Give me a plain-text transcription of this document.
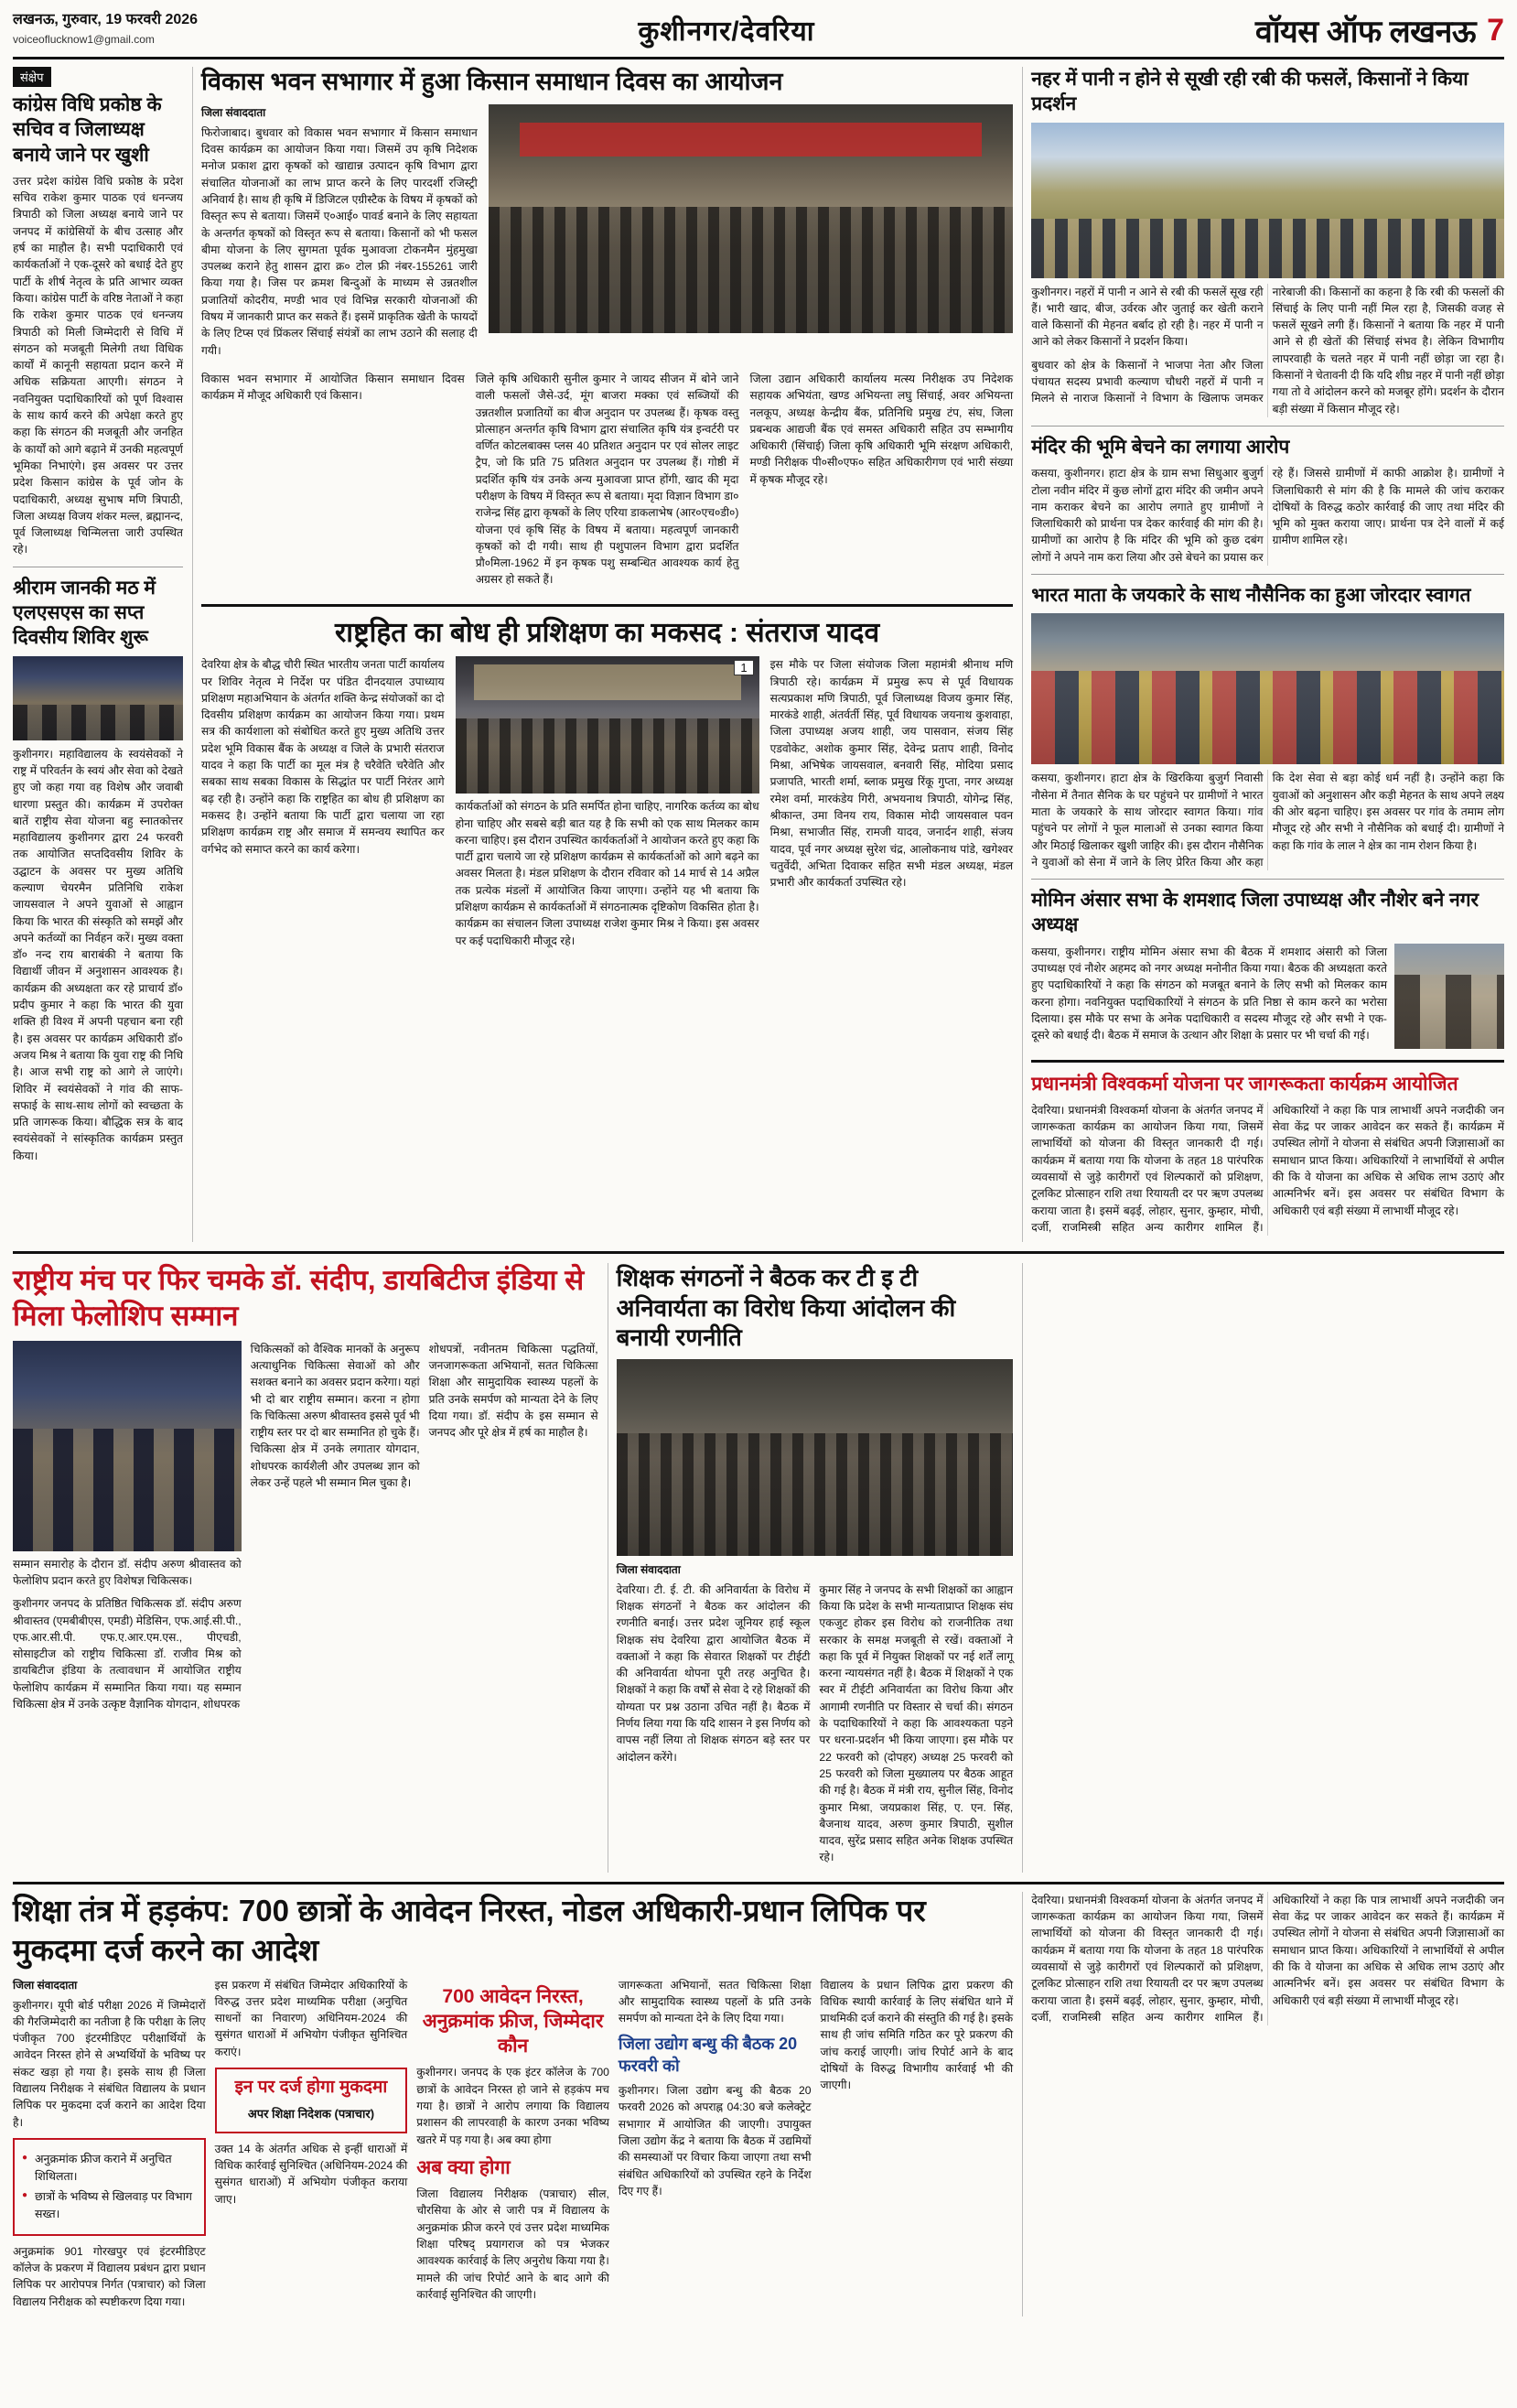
लखनऊ, गुरुवार, 19 फरवरी 2026
voiceoflucknow1@gmail.com	कुशीनगर/देवरिया	वॉयस ऑफ लखनऊ 7
संक्षेप
कांग्रेस विधि प्रकोष्ठ के सचिव व जिलाध्यक्ष बनाये जाने पर खुशी

उत्तर प्रदेश कांग्रेस विधि प्रकोष्ठ के प्रदेश सचिव राकेश कुमार पाठक एवं धनन्जय त्रिपाठी को जिला अध्यक्ष बनाये जाने पर जनपद में कांग्रेसियों के बीच उत्साह और हर्ष का माहौल है। सभी पदाधिकारी एवं कार्यकर्ताओं ने एक-दूसरे को बधाई देते हुए पार्टी के शीर्ष नेतृत्व के प्रति आभार व्यक्त किया। कांग्रेस पार्टी के वरिष्ठ नेताओं ने कहा कि राकेश कुमार पाठक एवं धनन्जय त्रिपाठी को मिली जिम्मेदारी से विधि में संगठन को मजबूती मिलेगी तथा विधिक कार्यों में कानूनी सहायता प्रदान करने में अधिक सक्रियता आएगी। संगठन ने नवनियुक्त पदाधिकारियों को पूर्ण विश्वास के साथ कार्य करने की अपेक्षा करते हुए कहा कि संगठन की मजबूती और जनहित के कार्यों को आगे बढ़ाने में उनकी महत्वपूर्ण भूमिका निभाएंगे। इस अवसर पर उत्तर प्रदेश किसान कांग्रेस के पूर्व जोन के पदाधिकारी, अध्यक्ष सुभाष मणि त्रिपाठी, जिला अध्यक्ष विजय शंकर मल्ल, ब्रह्मानन्द, पूर्व जिलाध्यक्ष चिन्मिलत्ता जारी उपस्थित रहे।

श्रीराम जानकी मठ में एलएसएस का सप्त दिवसीय शिविर शुरू

कुशीनगर। महाविद्यालय के स्वयंसेवकों ने राष्ट्र में परिवर्तन के स्वयं और सेवा को देखते हुए जो कहा गया वह विशेष और जवाबी धारणा प्रस्तुत की। कार्यक्रम में उपरोक्त बातें राष्ट्रीय सेवा योजना बहु स्नातकोत्तर महाविद्यालय कुशीनगर द्वारा 24 फरवरी तक आयोजित सप्तदिवसीय शिविर के उद्घाटन के अवसर पर मुख्य अतिथि कल्याण चेयरमैन प्रतिनिधि राकेश जायसवाल ने अपने युवाओं से आह्वान किया कि भारत की संस्कृति को समझें और अपने कर्तव्यों का निर्वहन करें। मुख्य वक्ता डॉ० नन्द राय बाराबंकी ने बताया कि विद्यार्थी जीवन में अनुशासन आवश्यक है। कार्यक्रम की अध्यक्षता कर रहे प्राचार्य डॉ० प्रदीप कुमार ने कहा कि भारत की युवा शक्ति ही विश्व में अपनी पहचान बना रही है। इस अवसर पर कार्यक्रम अधिकारी डॉ० अजय मिश्र ने बताया कि युवा राष्ट्र की निधि है। आज सभी राष्ट्र को आगे ले जाएंगे। शिविर में स्वयंसेवकों ने गांव की साफ-सफाई के साथ-साथ लोगों को स्वच्छता के प्रति जागरूक किया। बौद्धिक सत्र के बाद स्वयंसेवकों ने सांस्कृतिक कार्यक्रम प्रस्तुत किया।

विकास भवन सभागार में हुआ किसान समाधान दिवस का आयोजन
जिला संवाददाता

फिरोजाबाद। बुधवार को विकास भवन सभागार में किसान समाधान दिवस कार्यक्रम का आयोजन किया गया। जिसमें उप कृषि निदेशक मनोज प्रकाश द्वारा कृषकों को खाद्यान्न उत्पादन कृषि विभाग द्वारा संचालित योजनाओं का लाभ प्राप्त करने के लिए पारदर्शी रजिस्ट्री अनिवार्य है। साथ ही कृषि में डिजिटल एग्रीस्टैक के विषय में कृषकों को विस्तृत रूप से बताया। जिसमें ए०आई० पावर्ड बनाने के लिए सहायता के अन्तर्गत कृषकों को विस्तृत रूप से बताया। किसानों को भी फसल बीमा योजना के लिए सुगमता पूर्वक मुआवजा टोकनमैन मुंहमुखा उपलब्ध कराने हेतु शासन द्वारा क्र० टोल फ्री नंबर-155261 जारी किया गया है। जिस पर क्रमश बिन्दुओं के माध्यम से उन्नतशील प्रजातियों कोदरीय, मण्डी भाव एवं विभिन्न सरकारी योजनाओं की विषय में जानकारी प्राप्त कर सकते हैं। इसमें प्राकृतिक खेती के फायदों के लिए टिप्स एवं प्रिंकलर सिंचाई संयंत्रों का लाभ उठाने की सलाह दी गयी।

विकास भवन सभागार में आयोजित किसान समाधान दिवस कार्यक्रम में मौजूद अधिकारी एवं किसान।

जिले कृषि अधिकारी सुनील कुमार ने जायद सीजन में बोने जाने वाली फसलों जैसे-उर्द, मूंग बाजरा मक्का एवं सब्जियों की उन्नतशील प्रजातियों का बीज अनुदान पर उपलब्ध हैं। कृषक वस्तु प्रोत्साहन अन्तर्गत कृषि विभाग द्वारा संचालित कृषि यंत्र इन्वर्टरी पर वर्णित कोटलबाक्स प्लस 40 प्रतिशत अनुदान पर एवं सोलर लाइट ट्रैप, जो कि प्रति 75 प्रतिशत अनुदान पर उपलब्ध हैं। गोष्ठी में प्रदर्शित कृषि यंत्र उनके अन्य मुआवजा प्राप्त होंगी, खाद की मृदा परीक्षण के विषय में विस्तृत रूप से बताया। मृदा विज्ञान विभाग डा० राजेन्द्र सिंह द्वारा कृषकों के लिए एरिया डाकलाभेष (आर०एच०डी०) योजना एवं कृषि सिंह के विषय में बताया। महत्वपूर्ण जानकारी कृषकों को दी गयी। साथ ही पशुपालन विभाग द्वारा प्रदर्शित प्रौ०मिला-1962 में इन कृषक पशु सम्बन्धित आवश्यक कार्य हेतु अग्रसर हो सकते हैं।

जिला उद्यान अधिकारी कार्यालय मत्स्य निरीक्षक उप निदेशक सहायक अभियंता, खण्ड अभियन्ता लघु सिंचाई, अवर अभियन्ता नलकूप, अध्यक्ष केन्द्रीय बैंक, प्रतिनिधि प्रमुख टंप, संघ, जिला प्रबन्धक आद्यजी बैंक एवं समस्त अधिकारी सहित उप सम्भागीय अधिकारी (सिंचाई) जिला कृषि अधिकारी भूमि संरक्षण अधिकारी, मण्डी निरीक्षक पी०सी०एफ० सहित अधिकारीगण एवं भारी संख्या में कृषक मौजूद रहे।

राष्ट्रहित का बोध ही प्रशिक्षण का मकसद : संतराज यादव

देवरिया क्षेत्र के बौद्ध चौरी स्थित भारतीय जनता पार्टी कार्यालय पर शिविर नेतृत्व मे निर्देश पर पंडित दीनदयाल उपाध्याय प्रशिक्षण महाअभियान के अंतर्गत शक्ति केन्द्र संयोजकों का दो दिवसीय प्रशिक्षण कार्यक्रम का आयोजन किया गया। प्रथम सत्र की कार्यशाला को संबोधित करते हुए मुख्य अतिथि उत्तर प्रदेश भूमि विकास बैंक के अध्यक्ष व जिले के प्रभारी संतराज यादव ने कहा कि पार्टी का मूल मंत्र है चरैवेति चरैवेति और सबका साथ सबका विकास के सिद्धांत पर पार्टी निरंतर आगे बढ़ रही है। उन्होंने कहा कि राष्ट्रहित का बोध ही प्रशिक्षण का मकसद है। उन्होंने बताया कि पार्टी द्वारा चलाया जा रहा प्रशिक्षण कार्यक्रम राष्ट्र और समाज में समन्वय स्थापित कर वर्गभेद को समाप्त करने का कार्य करेगा।

1

कार्यकर्ताओं को संगठन के प्रति समर्पित होना चाहिए, नागरिक कर्तव्य का बोध होना चाहिए और सबसे बड़ी बात यह है कि सभी को एक साथ मिलकर काम करना चाहिए। इस दौरान उपस्थित कार्यकर्ताओं ने आयोजन करते हुए कहा कि पार्टी द्वारा चलाये जा रहे प्रशिक्षण कार्यक्रम से कार्यकर्ताओं को आगे बढ़ने का अवसर मिलता है। मंडल प्रशिक्षण के दौरान रविवार को 14 मार्च से 14 अप्रैल तक प्रत्येक मंडलों में आयोजित किया जाएगा। उन्होंने यह भी बताया कि प्रशिक्षण कार्यक्रम से कार्यकर्ताओं में संगठनात्मक दृष्टिकोण विकसित होता है। कार्यक्रम का संचालन जिला उपाध्यक्ष राजेश कुमार मिश्र ने किया। इस अवसर पर कई पदाधिकारी मौजूद रहे।

इस मौके पर जिला संयोजक जिला महामंत्री श्रीनाथ मणि त्रिपाठी रहे। कार्यक्रम में प्रमुख रूप से पूर्व विधायक सत्यप्रकाश मणि त्रिपाठी, पूर्व जिलाध्यक्ष विजय कुमार सिंह, मारकंडे शाही, अंतर्वर्ती सिंह, पूर्व विधायक जयनाथ कुशवाहा, जिला उपाध्यक्ष अजय शाही, जय पासवान, संजय सिंह एडवोकेट, अशोक कुमार सिंह, देवेन्द्र प्रताप शाही, विनोद मिश्रा, अभिषेक जायसवाल, बनवारी सिंह, मोदिया प्रसाद प्रजापति, भारती शर्मा, ब्लाक प्रमुख रिंकू गुप्ता, नगर अध्यक्ष रमेश वर्मा, मारकंडेय गिरी, अभयनाथ त्रिपाठी, योगेन्द्र सिंह, श्रीकान्त, उमा विनय राय, विकास मोदी जायसवाल पवन मिश्रा, सभाजीत सिंह, रामजी यादव, जनार्दन शाही, संजय यादव, पूर्व नगर अध्यक्ष सुरेश चंद्र, आलोकनाथ पांडे, खगेश्वर चतुर्वेदी, अभिता दिवाकर सहित सभी मंडल अध्यक्ष, मंडल प्रभारी और कार्यकर्ता उपस्थित रहे।

नहर में पानी न होने से सूखी रही रबी की फसलें, किसानों ने किया प्रदर्शन

कुशीनगर। नहरों में पानी न आने से रबी की फसलें सूख रही हैं। भारी खाद, बीज, उर्वरक और जुताई कर खेती कराने वाले किसानों की मेहनत बर्बाद हो रही है। नहर में पानी न आने को लेकर किसानों ने प्रदर्शन किया।

बुधवार को क्षेत्र के किसानों ने भाजपा नेता और जिला पंचायत सदस्य प्रभावी कल्याण चौधरी नहरों में पानी न मिलने से नाराज किसानों ने विभाग के खिलाफ जमकर नारेबाजी की। किसानों का कहना है कि रबी की फसलों की सिंचाई के लिए पानी नहीं मिल रहा है, जिसकी वजह से फसलें सूखने लगी हैं। किसानों ने बताया कि नहर में पानी आने से ही खेतों की सिंचाई संभव है। लेकिन विभागीय लापरवाही के चलते नहर में पानी नहीं छोड़ा जा रहा है। किसानों ने चेतावनी दी कि यदि शीघ्र नहर में पानी नहीं छोड़ा गया तो वे आंदोलन करने को मजबूर होंगे। प्रदर्शन के दौरान बड़ी संख्या में किसान मौजूद रहे।

मंदिर की भूमि बेचने का लगाया आरोप

कसया, कुशीनगर। हाटा क्षेत्र के ग्राम सभा सिधुआर बुजुर्ग टोला नवीन मंदिर में कुछ लोगों द्वारा मंदिर की जमीन अपने नाम कराकर बेचने का आरोप लगाते हुए ग्रामीणों ने जिलाधिकारी को प्रार्थना पत्र देकर कार्रवाई की मांग की है। ग्रामीणों का आरोप है कि मंदिर की भूमि को कुछ दबंग लोगों ने अपने नाम करा लिया और उसे बेचने का प्रयास कर रहे हैं। जिससे ग्रामीणों में काफी आक्रोश है। ग्रामीणों ने जिलाधिकारी से मांग की है कि मामले की जांच कराकर दोषियों के विरुद्ध कठोर कार्रवाई की जाए तथा मंदिर की भूमि को मुक्त कराया जाए। प्रार्थना पत्र देने वालों में कई ग्रामीण शामिल रहे।

भारत माता के जयकारे के साथ नौसैनिक का हुआ जोरदार स्वागत

कसया, कुशीनगर। हाटा क्षेत्र के खिरकिया बुजुर्ग निवासी नौसेना में तैनात सैनिक के घर पहुंचने पर ग्रामीणों ने भारत माता के जयकारे के साथ जोरदार स्वागत किया। गांव पहुंचने पर लोगों ने फूल मालाओं से उनका स्वागत किया और मिठाई खिलाकर खुशी जाहिर की। इस दौरान नौसैनिक ने युवाओं को सेना में जाने के लिए प्रेरित किया और कहा कि देश सेवा से बड़ा कोई धर्म नहीं है। उन्होंने कहा कि युवाओं को अनुशासन और कड़ी मेहनत के साथ अपने लक्ष्य की ओर बढ़ना चाहिए। इस अवसर पर गांव के तमाम लोग मौजूद रहे और सभी ने नौसैनिक को बधाई दी। ग्रामीणों ने कहा कि गांव के लाल ने क्षेत्र का नाम रोशन किया है।

मोमिन अंसार सभा के शमशाद जिला उपाध्यक्ष और नौशेर बने नगर अध्यक्ष

कसया, कुशीनगर। राष्ट्रीय मोमिन अंसार सभा की बैठक में शमशाद अंसारी को जिला उपाध्यक्ष एवं नौशेर अहमद को नगर अध्यक्ष मनोनीत किया गया। बैठक की अध्यक्षता करते हुए पदाधिकारियों ने कहा कि संगठन को मजबूत बनाने के लिए सभी को मिलकर काम करना होगा। नवनियुक्त पदाधिकारियों ने संगठन के प्रति निष्ठा से काम करने का भरोसा दिलाया। इस मौके पर सभा के अनेक पदाधिकारी व सदस्य मौजूद रहे और सभी ने एक-दूसरे को बधाई दी। बैठक में समाज के उत्थान और शिक्षा के प्रसार पर भी चर्चा की गई।

प्रधानमंत्री विश्वकर्मा योजना पर जागरूकता कार्यक्रम आयोजित

देवरिया। प्रधानमंत्री विश्वकर्मा योजना के अंतर्गत जनपद में जागरूकता कार्यक्रम का आयोजन किया गया, जिसमें लाभार्थियों को योजना की विस्तृत जानकारी दी गई। कार्यक्रम में बताया गया कि योजना के तहत 18 पारंपरिक व्यवसायों से जुड़े कारीगरों एवं शिल्पकारों को प्रशिक्षण, टूलकिट प्रोत्साहन राशि तथा रियायती दर पर ऋण उपलब्ध कराया जाता है। इसमें बढ़ई, लोहार, सुनार, कुम्हार, मोची, दर्जी, राजमिस्त्री सहित अन्य कारीगर शामिल हैं। अधिकारियों ने कहा कि पात्र लाभार्थी अपने नजदीकी जन सेवा केंद्र पर जाकर आवेदन कर सकते हैं। कार्यक्रम में उपस्थित लोगों ने योजना से संबंधित अपनी जिज्ञासाओं का समाधान प्राप्त किया। अधिकारियों ने लाभार्थियों से अपील की कि वे योजना का अधिक से अधिक लाभ उठाएं और आत्मनिर्भर बनें। इस अवसर पर संबंधित विभाग के अधिकारी एवं बड़ी संख्या में लाभार्थी मौजूद रहे।

राष्ट्रीय मंच पर फिर चमके डॉ. संदीप, डायबिटीज इंडिया से मिला फेलोशिप सम्मान

सम्मान समारोह के दौरान डॉ. संदीप अरुण श्रीवास्तव को फेलोशिप प्रदान करते हुए विशेषज्ञ चिकित्सक।

कुशीनगर जनपद के प्रतिष्ठित चिकित्सक डॉ. संदीप अरुण श्रीवास्तव (एमबीबीएस, एमडी) मेडिसिन, एफ.आई.सी.पी., एफ.आर.सी.पी. एफ.ए.आर.एम.एस., पीएचडी, सोसाइटीज को राष्ट्रीय चिकित्सा डॉ. राजीव मिश्र को डायबिटीज इंडिया के तत्वावधान में आयोजित राष्ट्रीय फेलोशिप कार्यक्रम में सम्मानित किया गया। यह सम्मान चिकित्सा क्षेत्र में उनके उत्कृष्ट वैज्ञानिक योगदान, शोधपरक

चिकित्सकों को वैश्विक मानकों के अनुरूप अत्याधुनिक चिकित्सा सेवाओं को और सशक्त बनाने का अवसर प्रदान करेगा। यहां भी दो बार राष्ट्रीय सम्मान। करना न होगा कि चिकित्सा अरुण श्रीवास्तव इससे पूर्व भी राष्ट्रीय स्तर पर दो बार सम्मानित हो चुके हैं। चिकित्सा क्षेत्र में उनके लगातार योगदान, शोधपरक कार्यशैली और उपलब्ध ज्ञान को लेकर उन्हें पहले भी सम्मान मिल चुका है।

शोधपत्रों, नवीनतम चिकित्सा पद्धतियों, जनजागरूकता अभियानों, सतत चिकित्सा शिक्षा और सामुदायिक स्वास्थ्य पहलों के प्रति उनके समर्पण को मान्यता देने के लिए दिया गया। डॉ. संदीप के इस सम्मान से जनपद और पूरे क्षेत्र में हर्ष का माहौल है।

शिक्षक संगठनों ने बैठक कर टी इ टी अनिवार्यता का विरोध किया आंदोलन की बनायी रणनीति
जिला संवाददाता

देवरिया। टी. ई. टी. की अनिवार्यता के विरोध में शिक्षक संगठनों ने बैठक कर आंदोलन की रणनीति बनाई। उत्तर प्रदेश जूनियर हाई स्कूल शिक्षक संघ देवरिया द्वारा आयोजित बैठक में वक्ताओं ने कहा कि सेवारत शिक्षकों पर टीईटी की अनिवार्यता थोपना पूरी तरह अनुचित है। शिक्षकों ने कहा कि वर्षों से सेवा दे रहे शिक्षकों की योग्यता पर प्रश्न उठाना उचित नहीं है। बैठक में निर्णय लिया गया कि यदि शासन ने इस निर्णय को वापस नहीं लिया तो शिक्षक संगठन बड़े स्तर पर आंदोलन करेंगे।

कुमार सिंह ने जनपद के सभी शिक्षकों का आह्वान किया कि प्रदेश के सभी मान्यताप्राप्त शिक्षक संघ एकजुट होकर इस विरोध को राजनीतिक तथा सरकार के समक्ष मजबूती से रखें। वक्ताओं ने कहा कि पूर्व में नियुक्त शिक्षकों पर नई शर्तें लागू करना न्यायसंगत नहीं है। बैठक में शिक्षकों ने एक स्वर में टीईटी अनिवार्यता का विरोध किया और आगामी रणनीति पर विस्तार से चर्चा की। संगठन के पदाधिकारियों ने कहा कि आवश्यकता पड़ने पर धरना-प्रदर्शन भी किया जाएगा। इस मौके पर 22 फरवरी को (दोपहर) अध्यक्ष 25 फरवरी को 25 फरवरी को जिला मुख्यालय पर बैठक आहूत की गई है। बैठक में मंत्री राय, सुनील सिंह, विनोद कुमार मिश्रा, जयप्रकाश सिंह, ए. एन. सिंह, बैजनाथ यादव, अरुण कुमार त्रिपाठी, सुशील यादव, सुरेंद्र प्रसाद सहित अनेक शिक्षक उपस्थित रहे।

शिक्षा तंत्र में हड़कंप: 700 छात्रों के आवेदन निरस्त, नोडल अधिकारी-प्रधान लिपिक पर मुकदमा दर्ज करने का आदेश
जिला संवाददाता

कुशीनगर। यूपी बोर्ड परीक्षा 2026 में जिम्मेदारों की गैरजिम्मेदारी का नतीजा है कि परीक्षा के लिए पंजीकृत 700 इंटरमीडिएट परीक्षार्थियों के आवेदन निरस्त होने से अभ्यर्थियों के भविष्य पर संकट खड़ा हो गया है। इसके साथ ही जिला विद्यालय निरीक्षक ने संबंधित विद्यालय के प्रधान लिपिक पर मुकदमा दर्ज कराने का आदेश दिया है।

● अनुक्रमांक फ्रीज कराने में अनुचित शिथिलता।
● छात्रों के भविष्य से खिलवाड़ पर विभाग सख्त।

अनुक्रमांक 901 गोरखपुर एवं इंटरमीडिएट कॉलेज के प्रकरण में विद्यालय प्रबंधन द्वारा प्रधान लिपिक पर आरोपपत्र निर्गत (पत्राचार) को जिला विद्यालय निरीक्षक को स्पष्टीकरण दिया गया।

इस प्रकरण में संबंधित जिम्मेदार अधिकारियों के विरुद्ध उत्तर प्रदेश माध्यमिक परीक्षा (अनुचित साधनों का निवारण) अधिनियम-2024 की सुसंगत धाराओं में अभियोग पंजीकृत सुनिश्चित कराएं।

इन पर दर्ज होगा मुकदमा
अपर शिक्षा निदेशक (पत्राचार)

उक्त 14 के अंतर्गत अधिक से इन्हीं धाराओं में विधिक कार्रवाई सुनिश्चित (अधिनियम-2024 की सुसंगत धाराओं) में अभियोग पंजीकृत कराया जाए।

700 आवेदन निरस्त, अनुक्रमांक फ्रीज, जिम्मेदार कौन

कुशीनगर। जनपद के एक इंटर कॉलेज के 700 छात्रों के आवेदन निरस्त हो जाने से हड़कंप मच गया है। छात्रों ने आरोप लगाया कि विद्यालय प्रशासन की लापरवाही के कारण उनका भविष्य खतरे में पड़ गया है। अब क्या होगा

अब क्या होगा

जिला विद्यालय निरीक्षक (पत्राचार) सील, चौरसिया के ओर से जारी पत्र में विद्यालय के अनुक्रमांक फ्रीज करने एवं उत्तर प्रदेश माध्यमिक शिक्षा परिषद् प्रयागराज को पत्र भेजकर आवश्यक कार्रवाई के लिए अनुरोध किया गया है। मामले की जांच रिपोर्ट आने के बाद आगे की कार्रवाई सुनिश्चित की जाएगी।

जागरूकता अभियानों, सतत चिकित्सा शिक्षा और सामुदायिक स्वास्थ्य पहलों के प्रति उनके समर्पण को मान्यता देने के लिए दिया गया।

जिला उद्योग बन्धु की बैठक 20 फरवरी को

कुशीनगर। जिला उद्योग बन्धु की बैठक 20 फरवरी 2026 को अपराह्न 04:30 बजे कलेक्ट्रेट सभागार में आयोजित की जाएगी। उपायुक्त जिला उद्योग केंद्र ने बताया कि बैठक में उद्यमियों की समस्याओं पर विचार किया जाएगा तथा सभी संबंधित अधिकारियों को उपस्थित रहने के निर्देश दिए गए हैं।

विद्यालय के प्रधान लिपिक द्वारा प्रकरण की विधिक स्थायी कार्रवाई के लिए संबंधित थाने में प्राथमिकी दर्ज कराने की संस्तुति की गई है। इसके साथ ही जांच समिति गठित कर पूरे प्रकरण की जांच कराई जाएगी। जांच रिपोर्ट आने के बाद दोषियों के विरुद्ध विभागीय कार्रवाई भी की जाएगी।

देवरिया। प्रधानमंत्री विश्वकर्मा योजना के अंतर्गत जनपद में जागरूकता कार्यक्रम का आयोजन किया गया, जिसमें लाभार्थियों को योजना की विस्तृत जानकारी दी गई। कार्यक्रम में बताया गया कि योजना के तहत 18 पारंपरिक व्यवसायों से जुड़े कारीगरों एवं शिल्पकारों को प्रशिक्षण, टूलकिट प्रोत्साहन राशि तथा रियायती दर पर ऋण उपलब्ध कराया जाता है। इसमें बढ़ई, लोहार, सुनार, कुम्हार, मोची, दर्जी, राजमिस्त्री सहित अन्य कारीगर शामिल हैं। अधिकारियों ने कहा कि पात्र लाभार्थी अपने नजदीकी जन सेवा केंद्र पर जाकर आवेदन कर सकते हैं। कार्यक्रम में उपस्थित लोगों ने योजना से संबंधित अपनी जिज्ञासाओं का समाधान प्राप्त किया। अधिकारियों ने लाभार्थियों से अपील की कि वे योजना का अधिक से अधिक लाभ उठाएं और आत्मनिर्भर बनें। इस अवसर पर संबंधित विभाग के अधिकारी एवं बड़ी संख्या में लाभार्थी मौजूद रहे।
